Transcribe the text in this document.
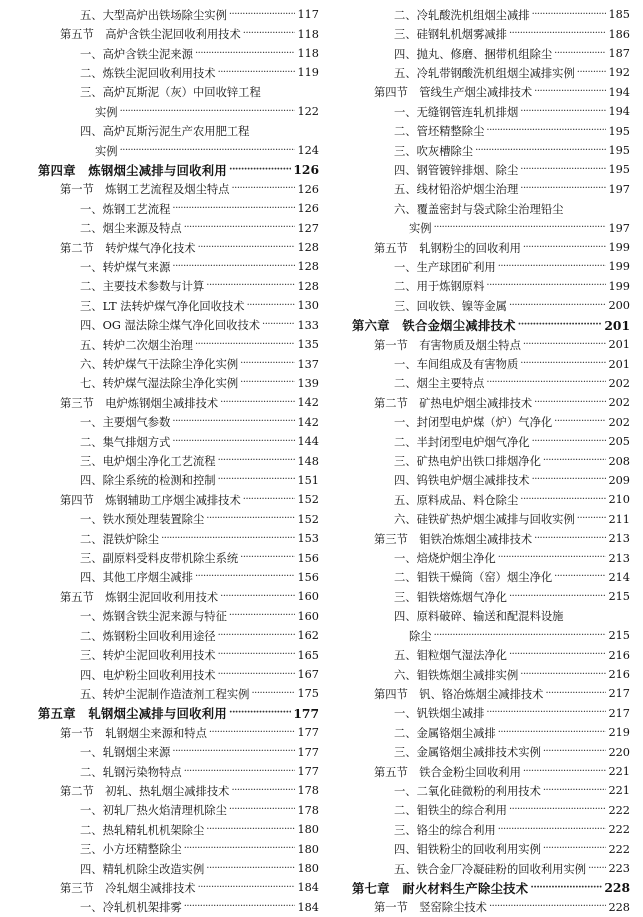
五、大型高炉出铁场除尘实例 ·····	117
第五节　高炉含铁尘泥回收利用技术 ·····	118
一、高炉含铁尘泥来源 ·····	118
二、炼铁尘泥回收利用技术 ·····	119
三、高炉瓦斯泥（灰）中回收锌工程
实例 ·····	122
四、高炉瓦斯污泥生产农用肥工程
实例 ·····	124
第四章　炼钢烟尘减排与回收利用 ·····	126
第一节　炼钢工艺流程及烟尘特点 ·····	126
一、炼钢工艺流程 ·····	126
二、烟尘来源及特点 ·····	127
第二节　转炉煤气净化技术 ·····	128
一、转炉煤气来源 ·····	128
二、主要技术参数与计算 ·····	128
三、LT 法转炉煤气净化回收技术 ·····	130
四、OG 湿法除尘煤气净化回收技术 ·····	133
五、转炉二次烟尘治理 ·····	135
六、转炉煤气干法除尘净化实例 ·····	137
七、转炉煤气湿法除尘净化实例 ·····	139
第三节　电炉炼钢烟尘减排技术 ·····	142
一、主要烟气参数 ·····	142
二、集气排烟方式 ·····	144
三、电炉烟尘净化工艺流程 ·····	148
四、除尘系统的检测和控制 ·····	151
第四节　炼钢辅助工序烟尘减排技术 ·····	152
一、铁水预处理装置除尘 ·····	152
二、混铁炉除尘 ·····	153
三、副原料受料皮带机除尘系统 ·····	156
四、其他工序烟尘减排 ·····	156
第五节　炼钢尘泥回收利用技术 ·····	160
一、炼钢含铁尘泥来源与特征 ·····	160
二、炼钢粉尘回收利用途径 ·····	162
三、转炉尘泥回收利用技术 ·····	165
四、电炉粉尘回收利用技术 ·····	167
五、转炉尘泥制作造渣剂工程实例 ·····	175
第五章　轧钢烟尘减排与回收利用 ·····	177
第一节　轧钢烟尘来源和特点 ·····	177
一、轧钢烟尘来源 ·····	177
二、轧钢污染物特点 ·····	177
第二节　初轧、热轧烟尘减排技术 ·····	178
一、初轧厂热火焰清理机除尘 ·····	178
二、热轧精轧机机架除尘 ·····	180
三、小方坯精整除尘 ·····	180
四、精轧机除尘改造实例 ·····	180
第三节　冷轧烟尘减排技术 ·····	184
一、冷轧机机架排雾 ·····	184
二、冷轧酸洗机组烟尘减排 ·····	185
三、硅钢轧机烟雾减排 ·····	186
四、抛丸、修磨、捆带机组除尘 ·····	187
五、冷轧带钢酸洗机组烟尘减排实例 ·····	192
第四节　管线生产烟尘减排技术 ·····	194
一、无缝钢管连轧机排烟 ·····	194
二、管坯精整除尘 ·····	195
三、吹灰槽除尘 ·····	195
四、钢管镀锌排烟、除尘 ·····	195
五、线材铅浴炉烟尘治理 ·····	197
六、覆盖密封与袋式除尘治理铅尘
实例 ·····	197
第五节　轧钢粉尘的回收利用 ·····	199
一、生产球团矿利用 ·····	199
二、用于炼钢原料 ·····	199
三、回收铁、镍等金属 ·····	200
第六章　铁合金烟尘减排技术 ·····	201
第一节　有害物质及烟尘特点 ·····	201
一、车间组成及有害物质 ·····	201
二、烟尘主要特点 ·····	202
第二节　矿热电炉烟尘减排技术 ·····	202
一、封闭型电炉煤（炉）气净化 ·····	202
二、半封闭型电炉烟气净化 ·····	205
三、矿热电炉出铁口排烟净化 ·····	208
四、钨铁电炉烟尘减排技术 ·····	209
五、原料成品、料仓除尘 ·····	210
六、硅铁矿热炉烟尘减排与回收实例 ·····	211
第三节　钼铁冶炼烟尘减排技术 ·····	213
一、焙烧炉烟尘净化 ·····	213
二、钼铁干燥筒（窑）烟尘净化 ·····	214
三、钼铁熔炼烟气净化 ·····	215
四、原料破碎、输送和配混料设施
除尘 ·····	215
五、钼粒烟气湿法净化 ·····	216
六、钼铁炼烟尘减排实例 ·····	216
第四节　钒、铬冶炼烟尘减排技术 ·····	217
一、钒铁烟尘减排 ·····	217
二、金属铬烟尘减排 ·····	219
三、金属铬烟尘减排技术实例 ·····	220
第五节　铁合金粉尘回收利用 ·····	221
一、二氧化硅微粉的利用技术 ·····	221
二、钼铁尘的综合利用 ·····	222
三、铬尘的综合利用 ·····	222
四、钼铁粉尘的回收利用实例 ·····	222
五、铁合金厂冷凝硅粉的回收利用实例 ····· 223
第七章　耐火材料生产除尘技术 ·····	228
第一节　竖窑除尘技术 ·····	228
